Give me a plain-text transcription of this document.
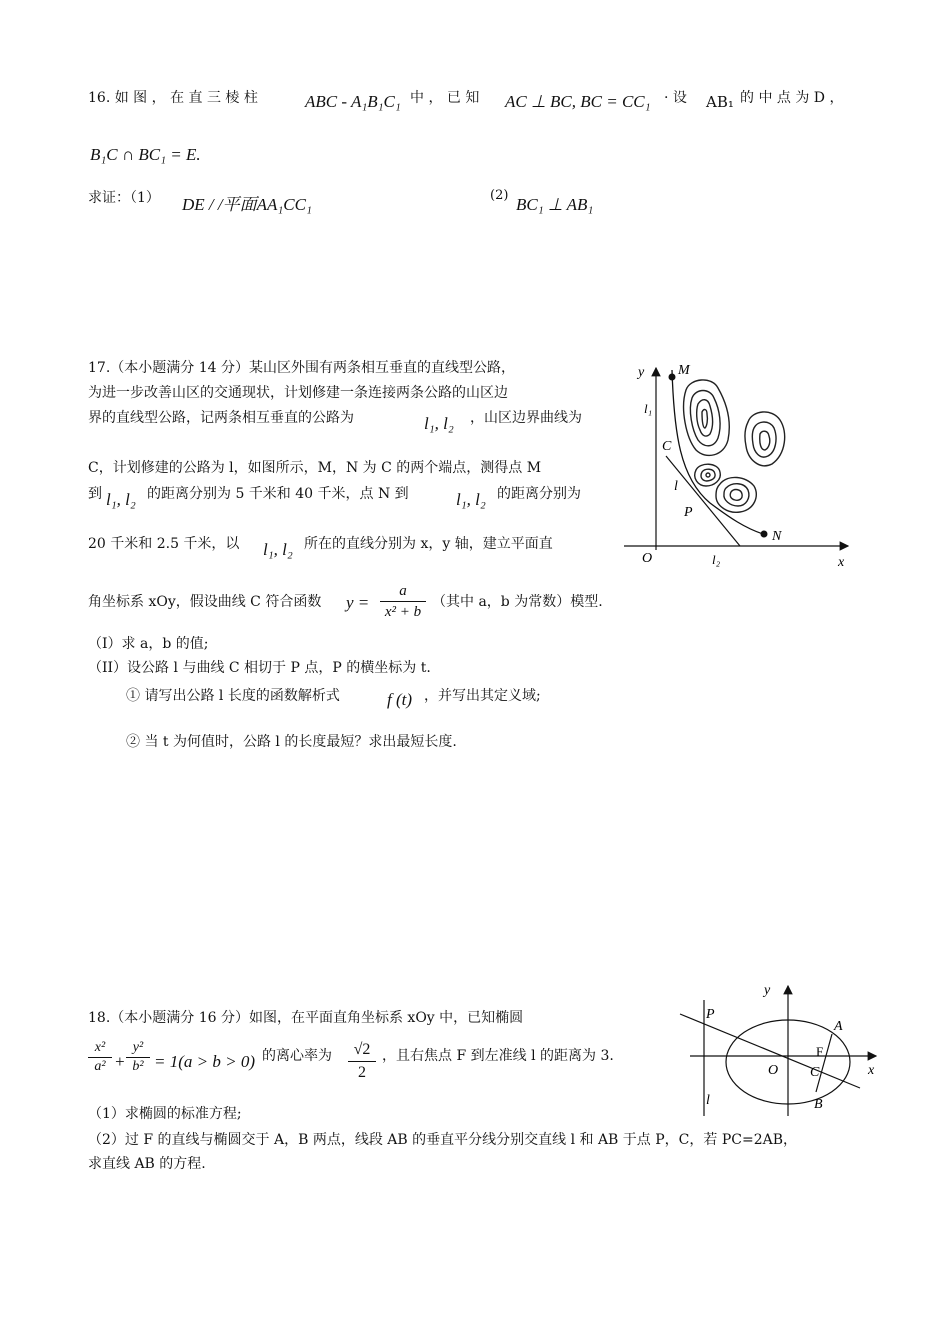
16. 如 图 ， 在 直 三 棱 柱	ABC - A₁B₁C₁ 中 ， 已 知 AC ⊥ BC, BC = CC₁ · 设 AB₁ 的 中 点 为 D ，
B₁C ∩ BC₁ = E.
求证：（1） DE / /平面AA₁CC₁	(2) BC₁ ⊥ AB₁
17.（本小题满分 14 分）某山区外围有两条相互垂直的直线型公路，
为进一步改善山区的交通现状，计划修建一条连接两条公路的山区边
界的直线型公路，记两条相互垂直的公路为	l₁, l₂ ，山区边界曲线为
C，计划修建的公路为 l，如图所示，M，N 为 C 的两个端点，测得点 M
到 l₁, l₂ 的距离分别为 5 千米和 40 千米，点 N 到	l₁, l₂ 的距离分别为
20 千米和 2.5 千米，以 l₁, l₂ 所在的直线分别为 x，y 轴，建立平面直
角坐标系 xOy，假设曲线 C 符合函数 y =
a
x² + b
（其中 a，b 为常数）模型.
（I）求 a，b 的值;
（II）设公路 l 与曲线 C 相切于 P 点，P 的横坐标为 t.
① 请写出公路 l 长度的函数解析式	f (t) ，并写出其定义域;
② 当 t 为何值时，公路 l 的长度最短？求出最短长度.
y M
l₁
C
l
P
N
O	l₂	x
18.（本小题满分 16 分）如图，在平面直角坐标系 xOy 中，已知椭圆
x²
a² +
y²
b² = 1(a > b > 0) 的离心率为	√2
2
，且右焦点 F 到左准线 l 的距离为 3.
（1）求椭圆的标准方程;
（2）过 F 的直线与椭圆交于 A，B 两点，线段 AB 的垂直平分线分别交直线 l 和 AB 于点 P，C，若 PC=2AB，
求直线 AB 的方程.
y
P
A
F
O C	x
l	B
